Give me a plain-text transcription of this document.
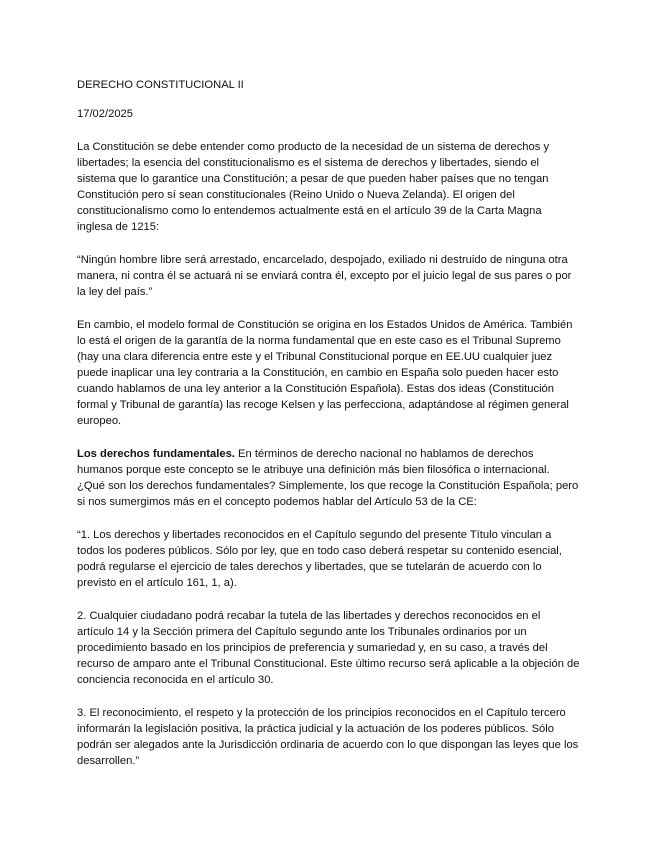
DERECHO CONSTITUCIONAL II

17/02/2025

La Constitución se debe entender como producto de la necesidad de un sistema de derechos y libertades; la esencia del constitucionalismo es el sistema de derechos y libertades, siendo el sistema que lo garantice una Constitución; a pesar de que pueden haber países que no tengan Constitución pero sí sean constitucionales (Reino Unido o Nueva Zelanda). El origen del constitucionalismo como lo entendemos actualmente está en el artículo 39 de la Carta Magna inglesa de 1215:

“Ningún hombre libre será arrestado, encarcelado, despojado, exiliado ni destruido de ninguna otra manera, ni contra él se actuará ni se enviará contra él, excepto por el juicio legal de sus pares o por la ley del país.”

En cambio, el modelo formal de Constitución se origina en los Estados Unidos de América. También lo está el origen de la garantía de la norma fundamental que en este caso es el Tribunal Supremo (hay una clara diferencia entre este y el Tribunal Constitucional porque en EE.UU cualquier juez puede inaplicar una ley contraria a la Constitución, en cambio en España solo pueden hacer esto cuando hablamos de una ley anterior a la Constitución Española). Estas dos ideas (Constitución formal y Tribunal de garantía) las recoge Kelsen y las perfecciona, adaptándose al régimen general europeo.

Los derechos fundamentales. En términos de derecho nacional no hablamos de derechos humanos porque este concepto se le atribuye una definición más bien filosófica o internacional. ¿Qué son los derechos fundamentales? Simplemente, los que recoge la Constitución Española; pero si nos sumergimos más en el concepto podemos hablar del Artículo 53 de la CE:

“1. Los derechos y libertades reconocidos en el Capítulo segundo del presente Título vinculan a todos los poderes públicos. Sólo por ley, que en todo caso deberá respetar su contenido esencial, podrá regularse el ejercicio de tales derechos y libertades, que se tutelarán de acuerdo con lo previsto en el artículo 161, 1, a).

2. Cualquier ciudadano podrá recabar la tutela de las libertades y derechos reconocidos en el artículo 14 y la Sección primera del Capítulo segundo ante los Tribunales ordinarios por un procedimiento basado en los principios de preferencia y sumariedad y, en su caso, a través del recurso de amparo ante el Tribunal Constitucional. Este último recurso será aplicable a la objeción de conciencia reconocida en el artículo 30.

3. El reconocimiento, el respeto y la protección de los principios reconocidos en el Capítulo tercero informarán la legislación positiva, la práctica judicial y la actuación de los poderes públicos. Sólo podrán ser alegados ante la Jurisdicción ordinaria de acuerdo con lo que dispongan las leyes que los desarrollen.”
